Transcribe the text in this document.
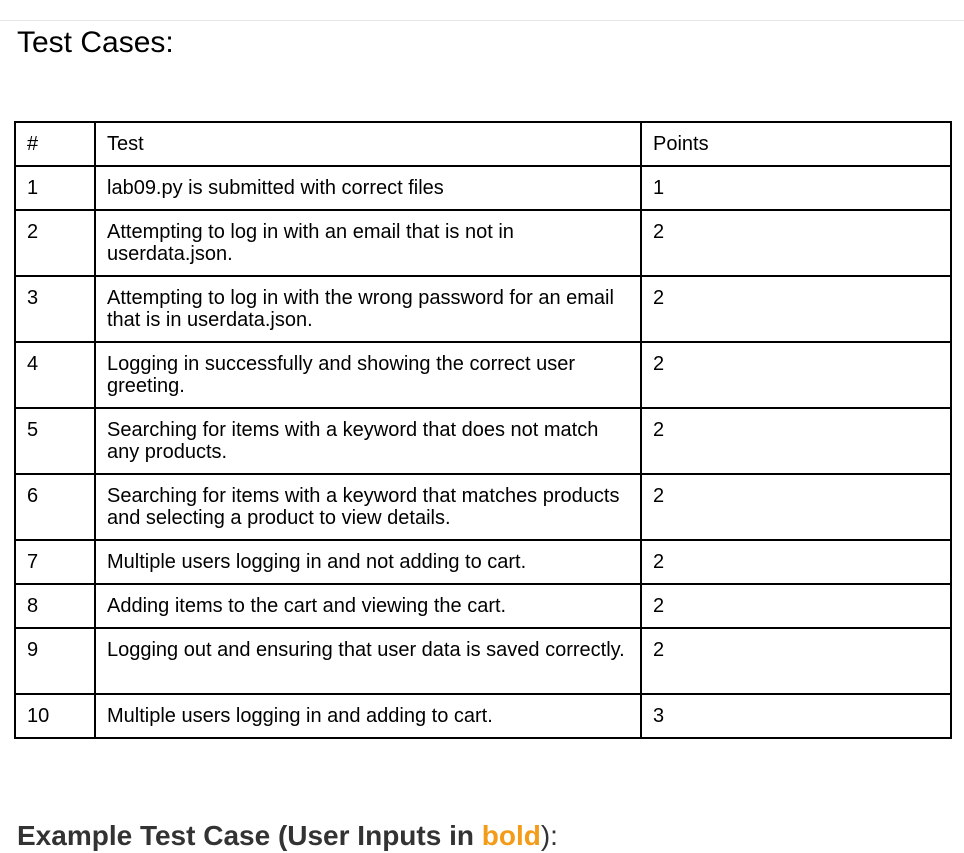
Test Cases:
#	Test	Points
1	lab09.py is submitted with correct files	1
2	Attempting to log in with an email that is not in userdata.json.	2
3	Attempting to log in with the wrong password for an email that is in userdata.json.	2
4	Logging in successfully and showing the correct user greeting.	2
5	Searching for items with a keyword that does not match any products.	2
6	Searching for items with a keyword that matches products and selecting a product to view details.	2
7	Multiple users logging in and not adding to cart.	2
8	Adding items to the cart and viewing the cart.	2
9	Logging out and ensuring that user data is saved correctly.	2
10	Multiple users logging in and adding to cart.	3
Example Test Case (User Inputs in bold):
